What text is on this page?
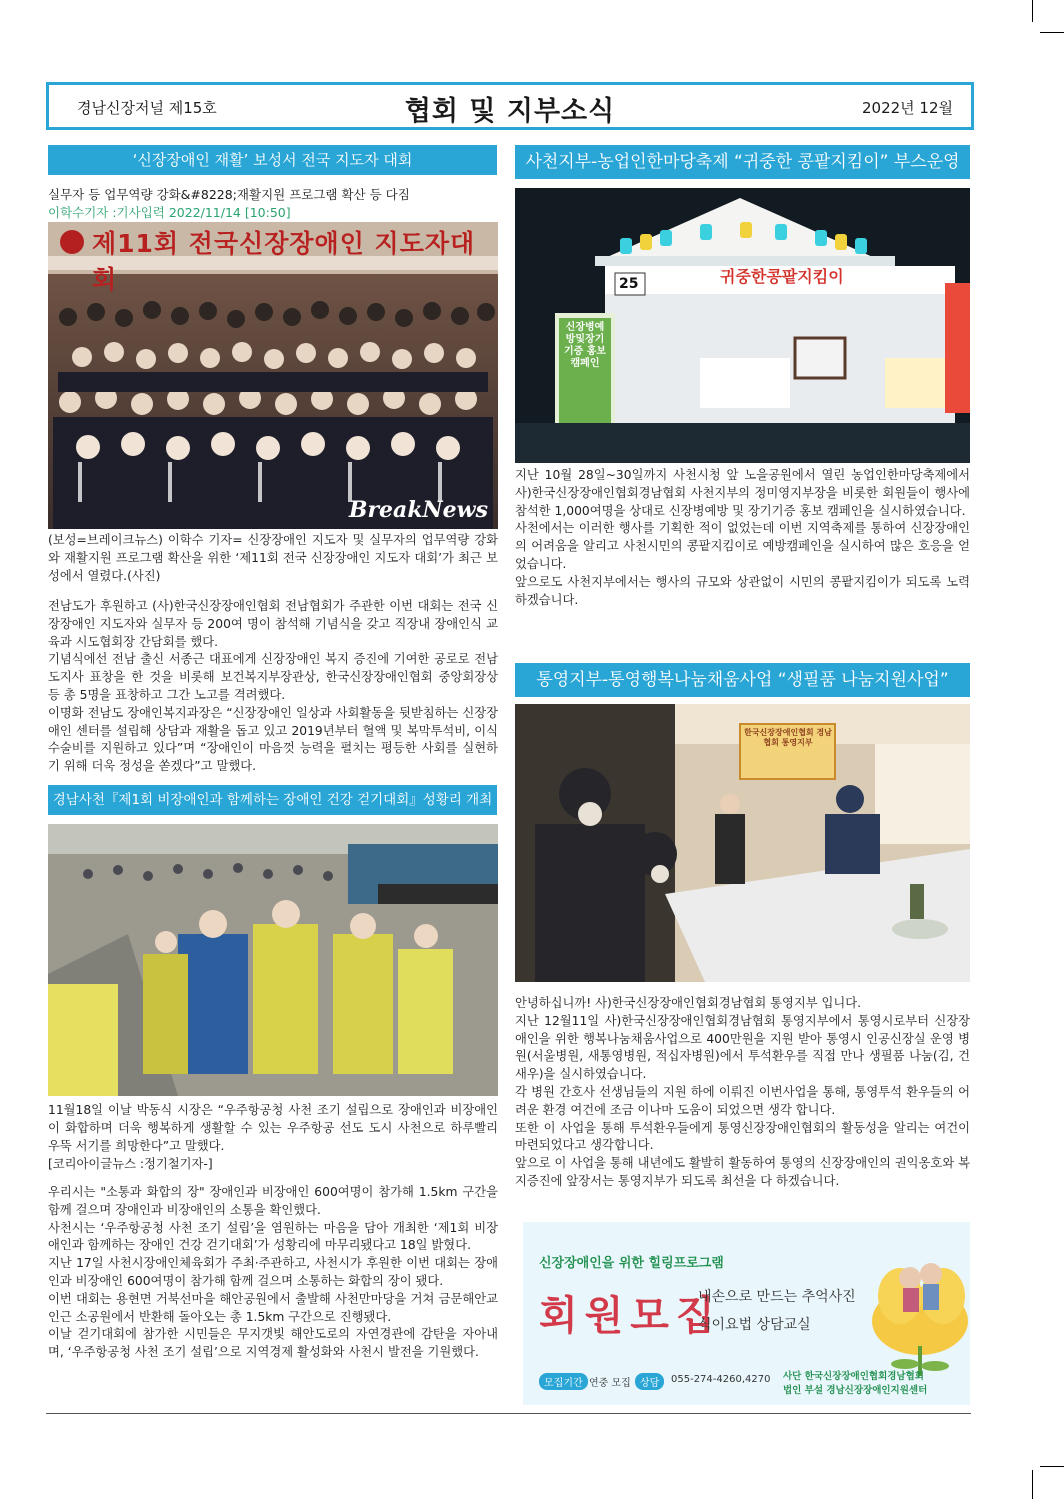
경남신장저널 제15호	협회 및 지부소식	2022년 12월
‘신장장애인 재활’ 보성서 전국 지도자 대회
실무자 등 업무역량 강화&#8228;재활지원 프로그램 확산 등 다짐
이학수기자 :기사입력 2022/11/14 [10:50]
제11회 전국신장장애인 지도자대회
BreakNews
(보성=브레이크뉴스) 이학수 기자= 신장장애인 지도자 및 실무자의 업무역량 강화와 재활지원 프로그램 확산을 위한 ‘제11회 전국 신장장애인 지도자 대회’가 최근 보성에서 열렸다.(사진)

전남도가 후원하고 (사)한국신장장애인협회 전남협회가 주관한 이번 대회는 전국 신장장애인 지도자와 실무자 등 200여 명이 참석해 기념식을 갖고 직장내 장애인식 교육과 시도협회장 간담회를 했다.

기념식에선 전남 출신 서종근 대표에게 신장장애인 복지 증진에 기여한 공로로 전남도지사 표창을 한 것을 비롯해 보건복지부장관상, 한국신장장애인협회 중앙회장상 등 총 5명을 표창하고 그간 노고를 격려했다.

이명화 전남도 장애인복지과장은 “신장장애인 일상과 사회활동을 뒷받침하는 신장장애인 센터를 설립해 상담과 재활을 돕고 있고 2019년부터 혈액 및 복막투석비, 이식수술비를 지원하고 있다”며 “장애인이 마음껏 능력을 펼치는 평등한 사회를 실현하기 위해 더욱 정성을 쏟겠다”고 말했다.

경남사천『제1회 비장애인과 함께하는 장애인 건강 걷기대회』성황리 개최
11월18일 이날 박동식 시장은 “우주항공청 사천 조기 설립으로 장애인과 비장애인이 화합하며 더욱 행복하게 생활할 수 있는 우주항공 선도 도시 사천으로 하루빨리 우뚝 서기를 희망한다”고 말했다.
[코리아이글뉴스 :정기철기자-]

우리시는 "소통과 화합의 장" 장애인과 비장애인 600여명이 참가해 1.5km 구간을 함께 걸으며 장애인과 비장애인의 소통을 확인했다.

사천시는 ‘우주항공청 사천 조기 설립’을 염원하는 마음을 담아 개최한 ‘제1회 비장애인과 함께하는 장애인 건강 걷기대회’가 성황리에 마무리됐다고 18일 밝혔다.

지난 17일 사천시장애인체육회가 주최·주관하고, 사천시가 후원한 이번 대회는 장애인과 비장애인 600여명이 참가해 함께 걸으며 소통하는 화합의 장이 됐다.

이번 대회는 용현면 거북선마을 해안공원에서 출발해 사천만마당을 거쳐 금문해안교 인근 소공원에서 반환해 돌아오는 총 1.5km 구간으로 진행됐다.

이날 걷기대회에 참가한 시민들은 무지갯빛 해안도로의 자연경관에 감탄을 자아내며, ‘우주항공청 사천 조기 설립’으로 지역경제 활성화와 사천시 발전을 기원했다.

사천지부-농업인한마당축제 “귀중한 콩팥지킴이” 부스운영
귀중한콩팥지킴이
25
신장병예방및장기기증 홍보캠페인

지난 10월 28일~30일까지 사천시청 앞 노을공원에서 열린 농업인한마당축제에서 사)한국신장장애인협회경남협회 사천지부의 정미영지부장을 비롯한 회원들이 행사에 참석한 1,000여명을 상대로 신장병예방 및 장기기증 홍보 캠페인을 실시하였습니다.

사천에서는 이러한 행사를 기획한 적이 없었는데 이번 지역축제를 통하여 신장장애인의 어려움을 알리고 사천시민의 콩팥지킴이로 예방캠페인을 실시하여 많은 호응을 얻었습니다.

앞으로도 사천지부에서는 행사의 규모와 상관없이 시민의 콩팥지킴이가 되도록 노력하겠습니다.

통영지부-통영행복나눔채움사업 “생필품 나눔지원사업”
한국신장장애인협회 경남협회 통영지부

안녕하십니까! 사)한국신장장애인협회경남협회 통영지부 입니다.

지난 12월11일 사)한국신장장애인협회경남협회 통영지부에서 통영시로부터 신장장애인을 위한 행복나눔채움사업으로 400만원을 지원 받아 통영시 인공신장실 운영 병원(서울병원, 새통영병원, 적십자병원)에서 투석환우를 직접 만나 생필품 나눔(김, 건새우)을 실시하였습니다.

각 병원 간호사 선생님들의 지원 하에 이뤄진 이번사업을 통해, 통영투석 환우들의 어려운 환경 여건에 조금 이나마 도움이 되었으면 생각 합니다.

또한 이 사업을 통해 투석환우들에게 통영신장장애인협회의 활동성을 알리는 여건이 마련되었다고 생각합니다.

앞으로 이 사업을 통해 내년에도 활발히 활동하여 통영의 신장장애인의 권익옹호와 복지증진에 앞장서는 통영지부가 되도록 최선을 다 하겠습니다.

신장장애인을 위한 힐링프로그램
회원모집
내손으로 만드는 추억사진
식이요법 상담교실
모집기간 연중 모집 상담	055-274-4260,4270 사단 한국신장장애인협회경남협회
법인 부설 경남신장장애인지원센터
